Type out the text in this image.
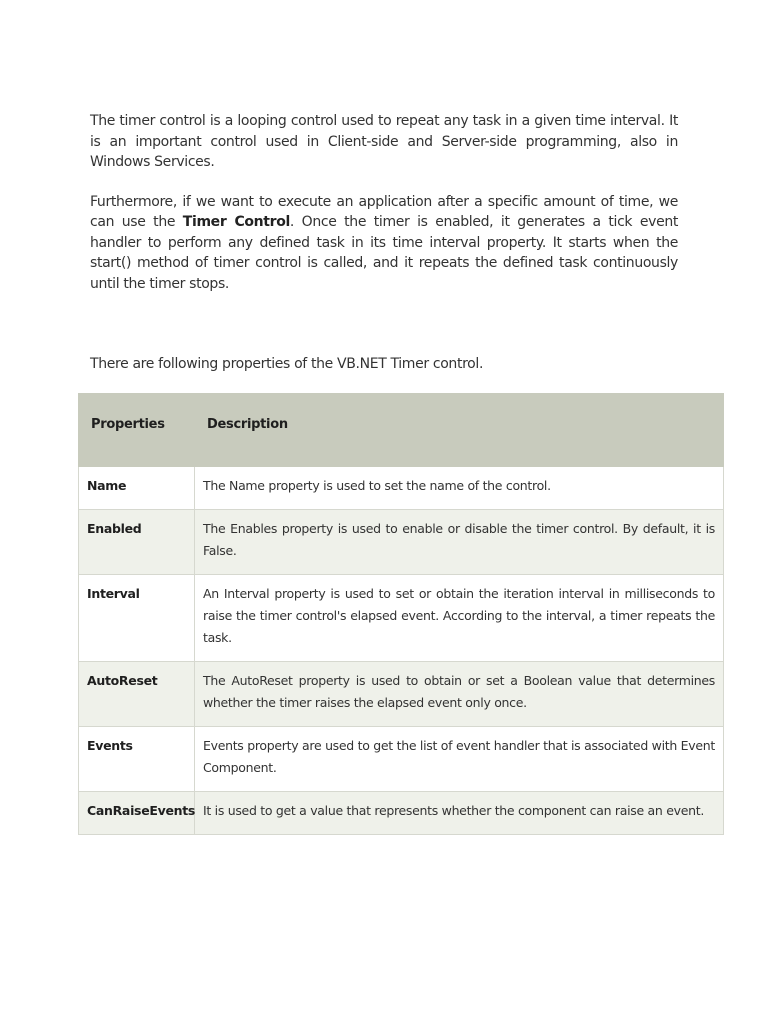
The timer control is a looping control used to repeat any task in a given time interval. It is an important control used in Client-side and Server-side programming, also in Windows Services.

Furthermore, if we want to execute an application after a specific amount of time, we can use the Timer Control. Once the timer is enabled, it generates a tick event handler to perform any defined task in its time interval property. It starts when the start() method of timer control is called, and it repeats the defined task continuously until the timer stops.

There are following properties of the VB.NET Timer control.

Properties	Description
Name	The Name property is used to set the name of the control.
Enabled	The Enables property is used to enable or disable the timer control. By default, it is False.
Interval	An Interval property is used to set or obtain the iteration interval in milliseconds to raise the timer control's elapsed event. According to the interval, a timer repeats the task.
AutoReset	The AutoReset property is used to obtain or set a Boolean value that determines whether the timer raises the elapsed event only once.
Events	Events property are used to get the list of event handler that is associated with Event Component.
CanRaiseEvents	It is used to get a value that represents whether the component can raise an event.
